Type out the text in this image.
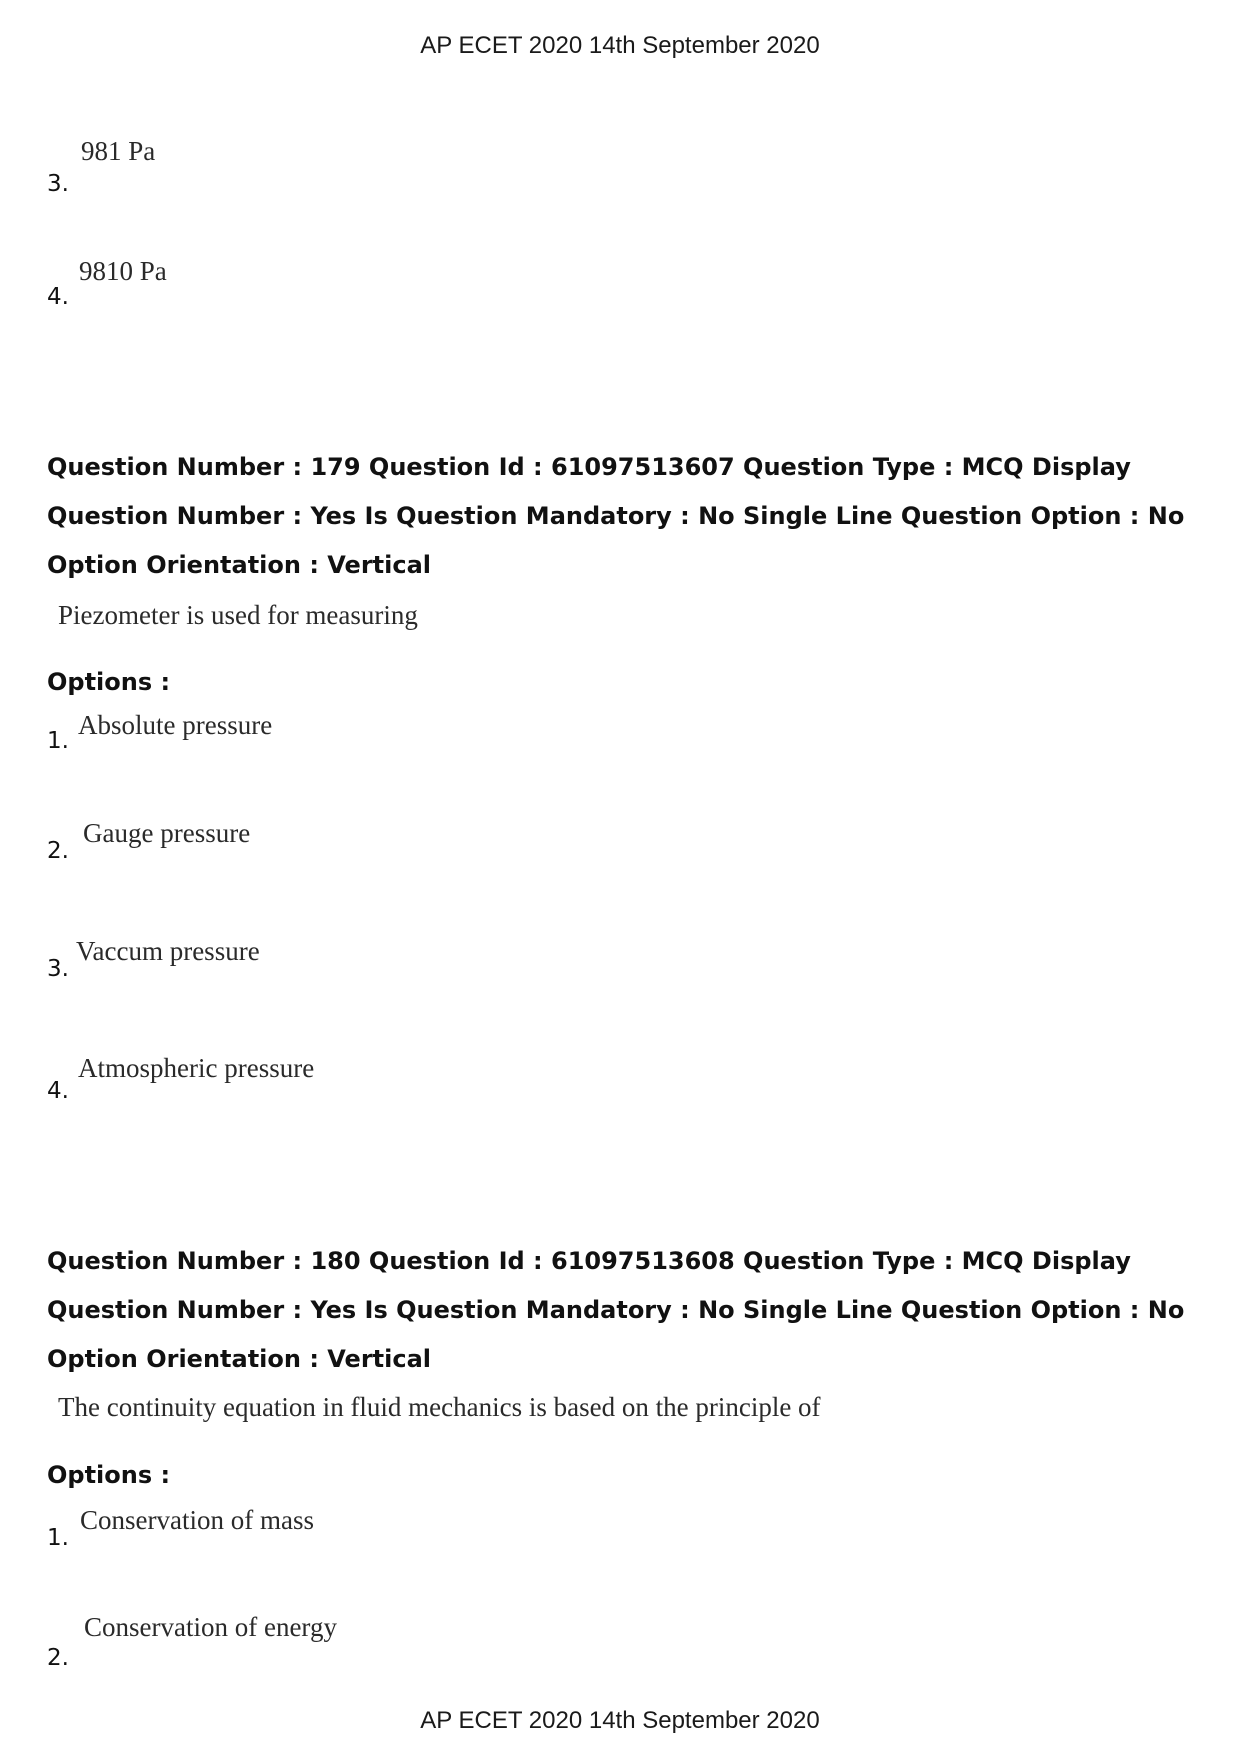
AP ECET 2020 14th September 2020
3.
981 Pa
4.
9810 Pa
Question Number : 179 Question Id : 61097513607 Question Type : MCQ Display Question Number : Yes Is Question Mandatory : No Single Line Question Option : No Option Orientation : Vertical
Piezometer is used for measuring
Options :
1.
Absolute pressure
2.
Gauge pressure
3.
Vaccum pressure
4.
Atmospheric pressure
Question Number : 180 Question Id : 61097513608 Question Type : MCQ Display Question Number : Yes Is Question Mandatory : No Single Line Question Option : No Option Orientation : Vertical
The continuity equation in fluid mechanics is based on the principle of
Options :
1.
Conservation of mass
2.
Conservation of energy
AP ECET 2020 14th September 2020
